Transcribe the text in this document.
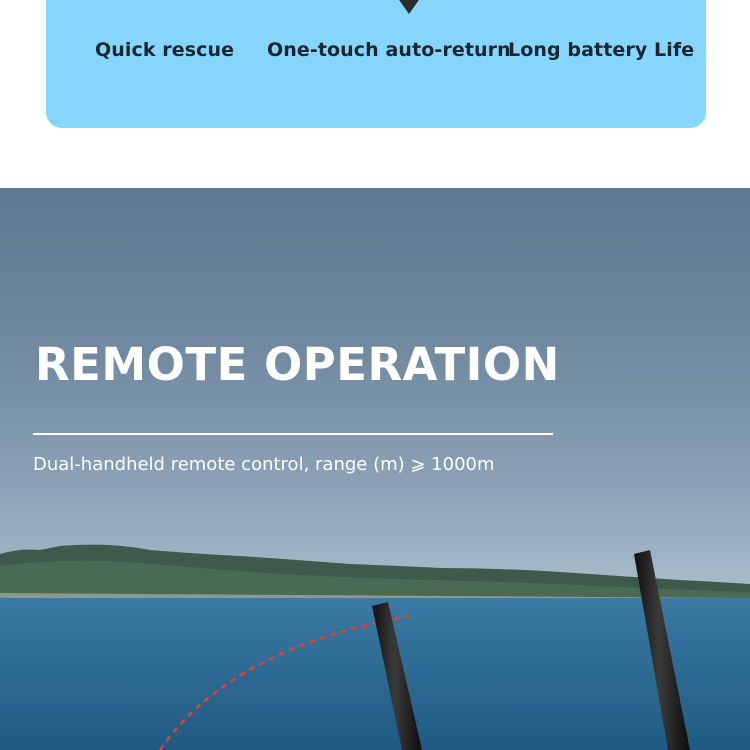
Quick rescue One-touch auto-return
Long battery Life
REMOTE OPERATION

Dual-handheld remote control, range (m) ⩾ 1000m
